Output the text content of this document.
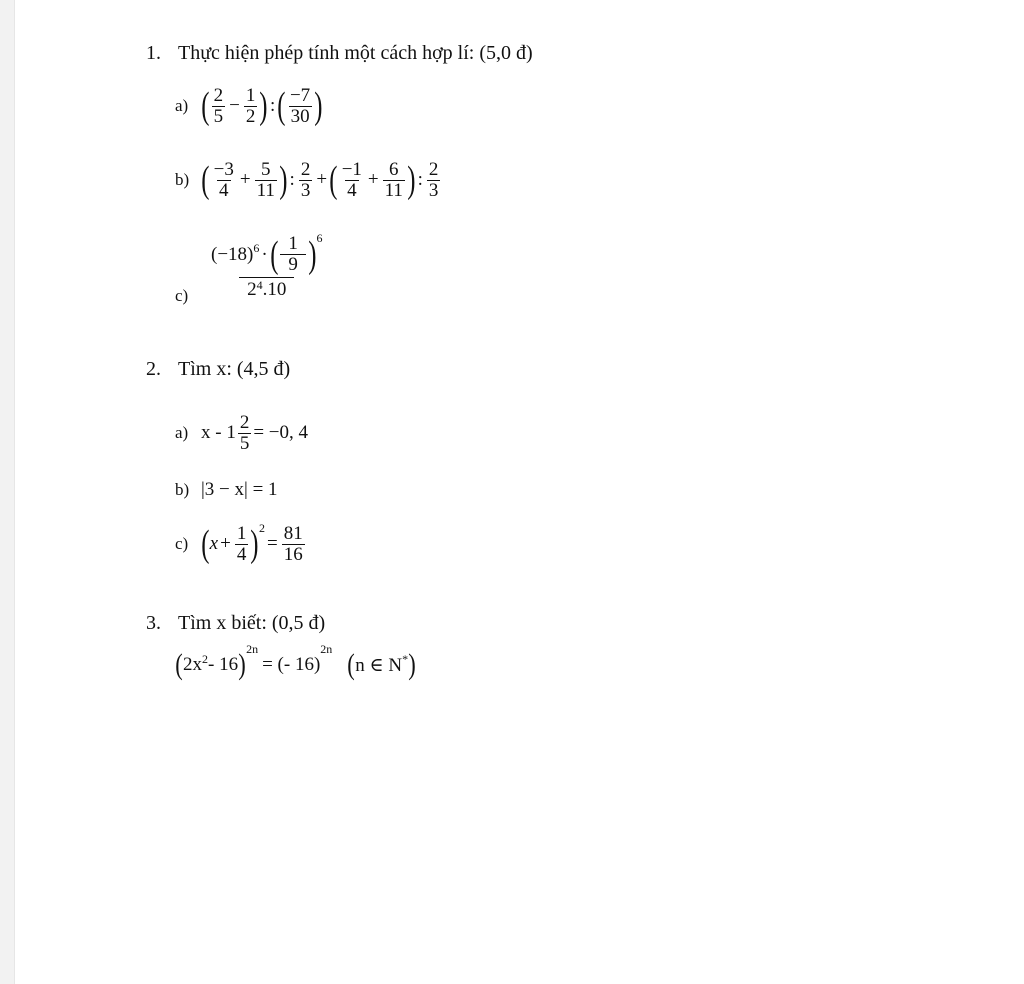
1. Thực hiện phép tính một cách hợp lí: (5,0 đ)
a) ( $\frac{2}{5} - \frac{1}{2}$ ) : ( $\frac{-7}{30}$ )
b) ( $\frac{-3}{4} + \frac{5}{11}$ ) : $\frac{2}{3}$ + ( $\frac{-1}{4} + \frac{6}{11}$ ) : $\frac{2}{3}$
$c) \frac{(-18)^6 \cdot ( \frac{1}{9} )^6}{2^4.10}$
2. Tìm x: (4,5 đ)
a) $x - 1 \frac{2}{5} = -0$, 4
b) |3 − x| = 1
c) ( $x + \frac{1}{4} )^2$
= $\frac{81}{16}$
3. Tìm x biết: (0,5 đ)
( $2x^2 - 16$ )$^{2n}$
= (- 16)
$^{2n}$ ( n ∈ N* )
